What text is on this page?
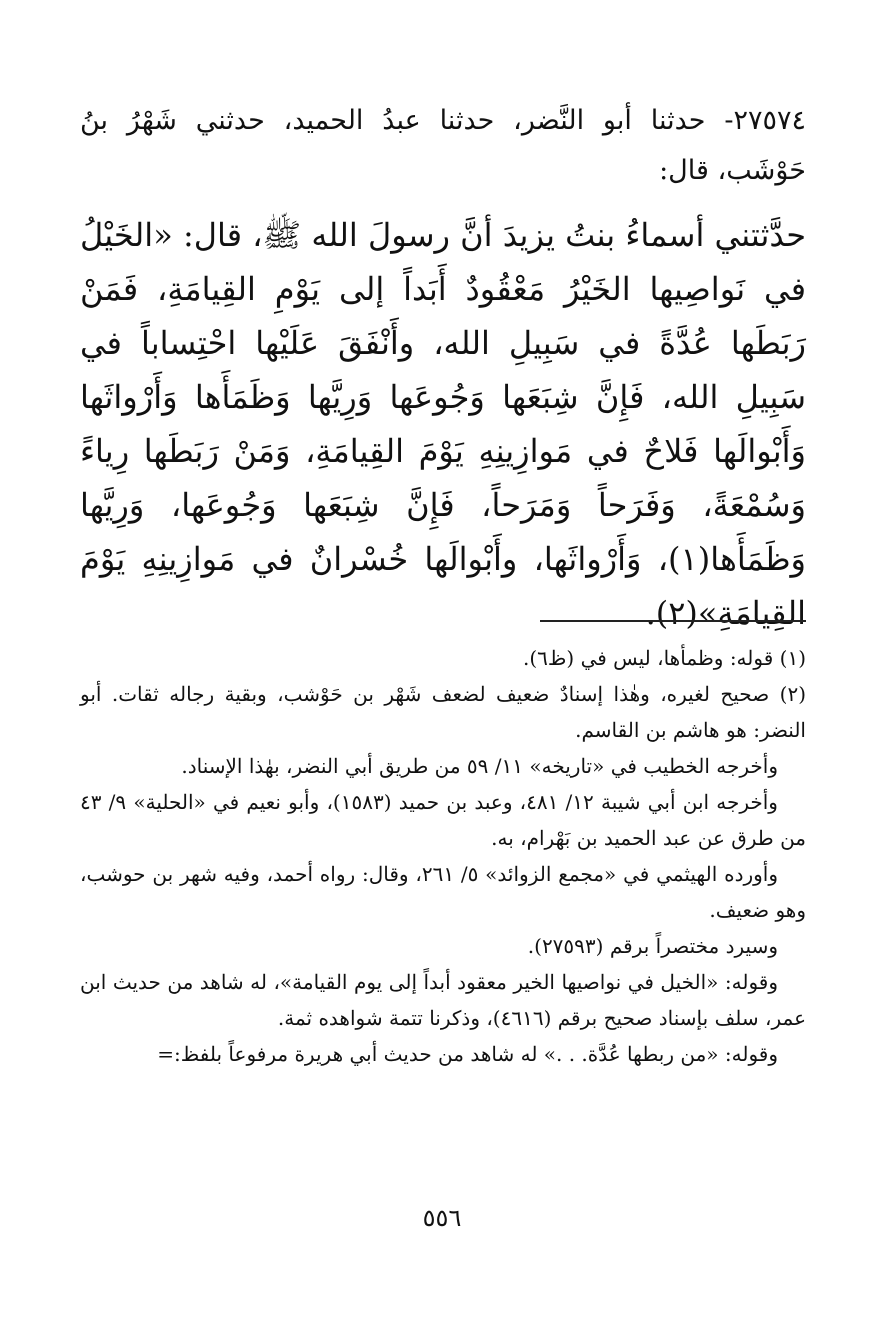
٢٧٥٧٤- حدثنا أبو النَّضر، حدثنا عبدُ الحميد، حدثني شَهْرُ بنُ حَوْشَب، قال:

حدَّثتني أسماءُ بنتُ يزيدَ أنَّ رسولَ الله ﷺ، قال: «الخَيْلُ في نَواصِيها الخَيْرُ مَعْقُودٌ أَبَداً إلى يَوْمِ القِيامَةِ، فَمَنْ رَبَطَها عُدَّةً في سَبِيلِ الله، وأَنْفَقَ عَلَيْها احْتِساباً في سَبِيلِ الله، فَإِنَّ شِبَعَها وَجُوعَها وَرِيَّها وَظَمَأَها وَأَرْواثَها وَأَبْوالَها فَلاحٌ في مَوازِينِهِ يَوْمَ القِيامَةِ، وَمَنْ رَبَطَها رِياءً وَسُمْعَةً، وَفَرَحاً وَمَرَحاً، فَإِنَّ شِبَعَها وَجُوعَها، وَرِيَّها وَظَمَأَها(١)، وَأَرْواثَها، وأَبْوالَها خُسْرانٌ في مَوازِينِهِ يَوْمَ القِيامَةِ»(٢).

(١) قوله: وظمأها، ليس في (ظ٦).

(٢) صحيح لغيره، وهٰذا إسنادٌ ضعيف لضعف شَهْر بن حَوْشب، وبقية رجاله ثقات. أبو النضر: هو هاشم بن القاسم.

وأخرجه الخطيب في «تاريخه» ١١/ ٥٩ من طريق أبي النضر، بهٰذا الإسناد.

وأخرجه ابن أبي شيبة ١٢/ ٤٨١، وعبد بن حميد (١٥٨٣)، وأبو نعيم في «الحلية» ٩/ ٤٣ من طرق عن عبد الحميد بن بَهْرام، به.

وأورده الهيثمي في «مجمع الزوائد» ٥/ ٢٦١، وقال: رواه أحمد، وفيه شهر بن حوشب، وهو ضعيف.

وسيرد مختصراً برقم (٢٧٥٩٣).

وقوله: «الخيل في نواصيها الخير معقود أبداً إلى يوم القيامة»، له شاهد من حديث ابن عمر، سلف بإسناد صحيح برقم (٤٦١٦)، وذكرنا تتمة شواهده ثمة.

وقوله: «من ربطها عُدَّة. . .» له شاهد من حديث أبي هريرة مرفوعاً بلفظ:=

٥٥٦
